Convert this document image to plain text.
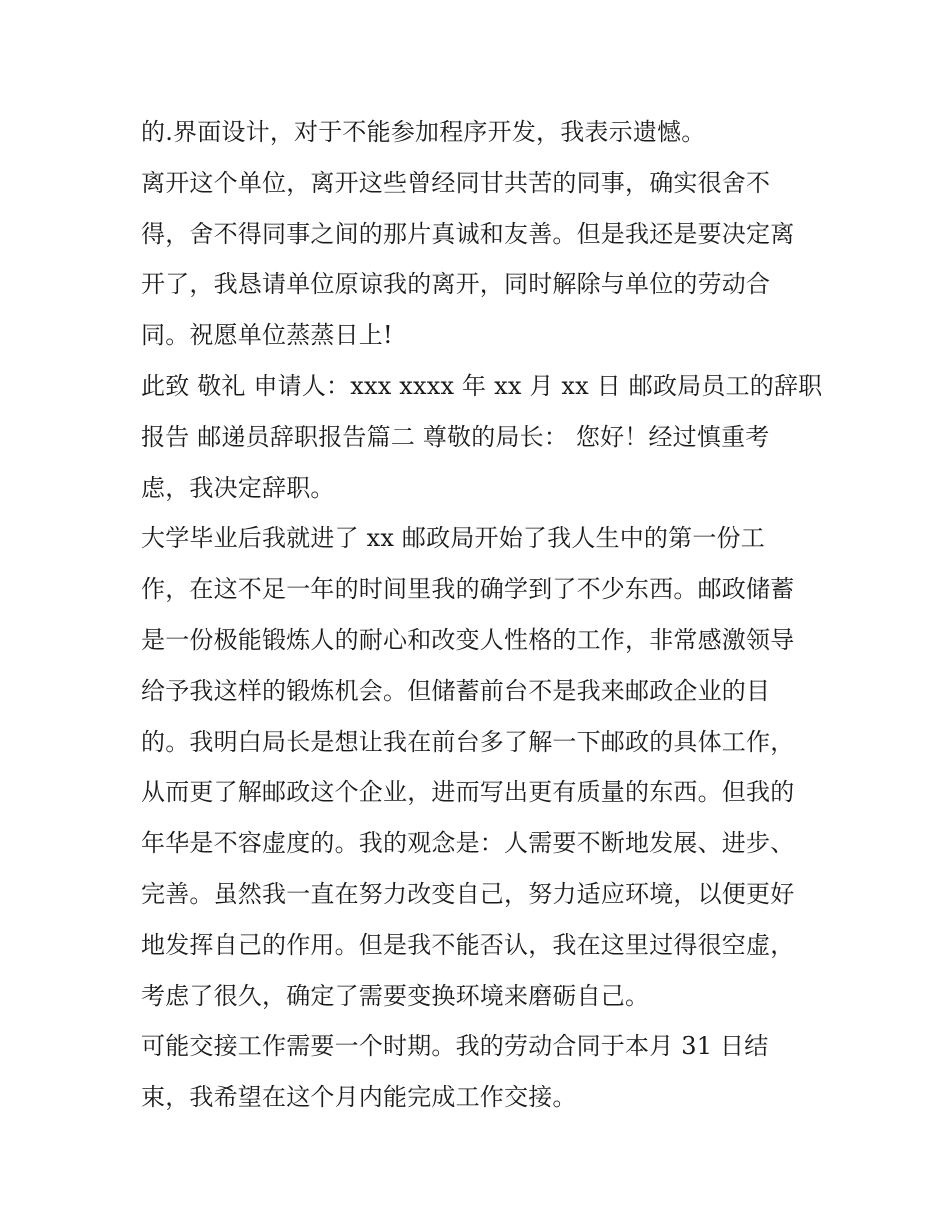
的.界面设计，对于不能参加程序开发，我表示遗憾。
离开这个单位，离开这些曾经同甘共苦的同事，确实很舍不
得，舍不得同事之间的那片真诚和友善。但是我还是要决定离
开了，我恳请单位原谅我的离开，同时解除与单位的劳动合
同。祝愿单位蒸蒸日上!
此致 敬礼 申请人：xxx xxxx 年 xx 月 xx 日 邮政局员工的辞职
报告 邮递员辞职报告篇二 尊敬的局长： 您好！经过慎重考
虑，我决定辞职。
大学毕业后我就进了 xx 邮政局开始了我人生中的第一份工
作，在这不足一年的时间里我的确学到了不少东西。邮政储蓄
是一份极能锻炼人的耐心和改变人性格的工作，非常感激领导
给予我这样的锻炼机会。但储蓄前台不是我来邮政企业的目
的。我明白局长是想让我在前台多了解一下邮政的具体工作，
从而更了解邮政这个企业，进而写出更有质量的东西。但我的
年华是不容虚度的。我的观念是：人需要不断地发展、进步、
完善。虽然我一直在努力改变自己，努力适应环境，以便更好
地发挥自己的作用。但是我不能否认，我在这里过得很空虚，
考虑了很久，确定了需要变换环境来磨砺自己。
可能交接工作需要一个时期。我的劳动合同于本月 31 日结
束，我希望在这个月内能完成工作交接。
